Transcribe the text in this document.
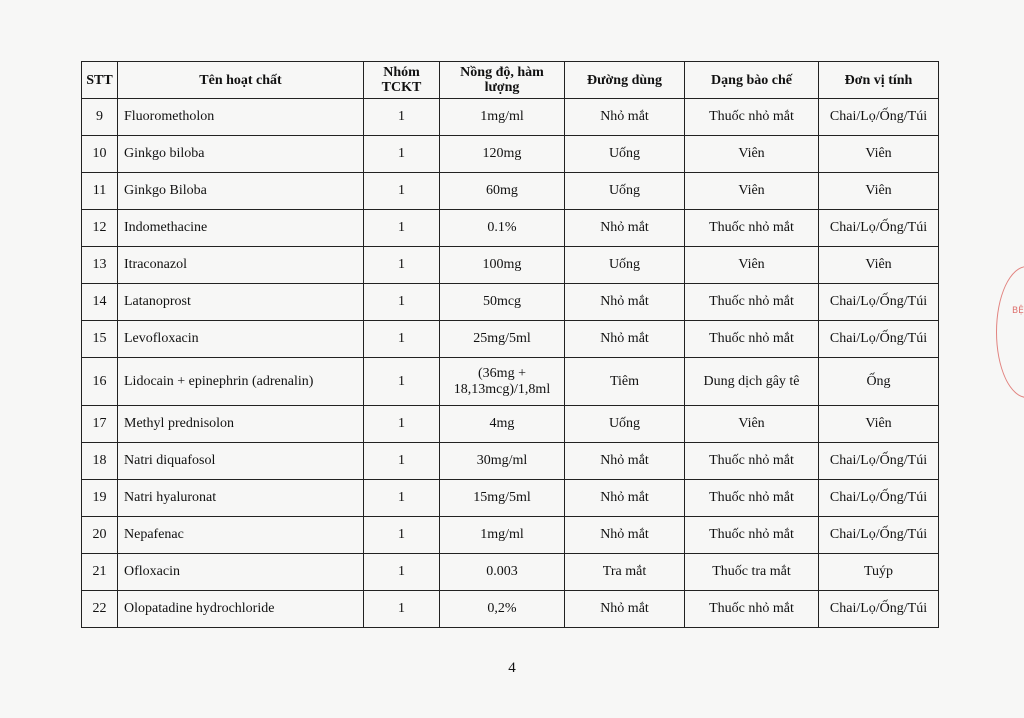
STT	Tên hoạt chất	Nhóm TCKT	Nồng độ, hàm lượng	Đường dùng	Dạng bào chế	Đơn vị tính
9	Fluorometholon	1	1mg/ml	Nhỏ mắt	Thuốc nhỏ mắt	Chai/Lọ/Ống/Túi
10	Ginkgo biloba	1	120mg	Uống	Viên	Viên
11	Ginkgo Biloba	1	60mg	Uống	Viên	Viên
12	Indomethacine	1	0.1%	Nhỏ mắt	Thuốc nhỏ mắt	Chai/Lọ/Ống/Túi
13	Itraconazol	1	100mg	Uống	Viên	Viên
14	Latanoprost	1	50mcg	Nhỏ mắt	Thuốc nhỏ mắt	Chai/Lọ/Ống/Túi
15	Levofloxacin	1	25mg/5ml	Nhỏ mắt	Thuốc nhỏ mắt	Chai/Lọ/Ống/Túi
16	Lidocain + epinephrin (adrenalin)	1	(36mg + 18,13mcg)/1,8ml	Tiêm	Dung dịch gây tê	Ống
17	Methyl prednisolon	1	4mg	Uống	Viên	Viên
18	Natri diquafosol	1	30mg/ml	Nhỏ mắt	Thuốc nhỏ mắt	Chai/Lọ/Ống/Túi
19	Natri hyaluronat	1	15mg/5ml	Nhỏ mắt	Thuốc nhỏ mắt	Chai/Lọ/Ống/Túi
20	Nepafenac	1	1mg/ml	Nhỏ mắt	Thuốc nhỏ mắt	Chai/Lọ/Ống/Túi
21	Ofloxacin	1	0.003	Tra mắt	Thuốc tra mắt	Tuýp
22	Olopatadine hydrochloride	1	0,2%	Nhỏ mắt	Thuốc nhỏ mắt	Chai/Lọ/Ống/Túi
4
BỆ
